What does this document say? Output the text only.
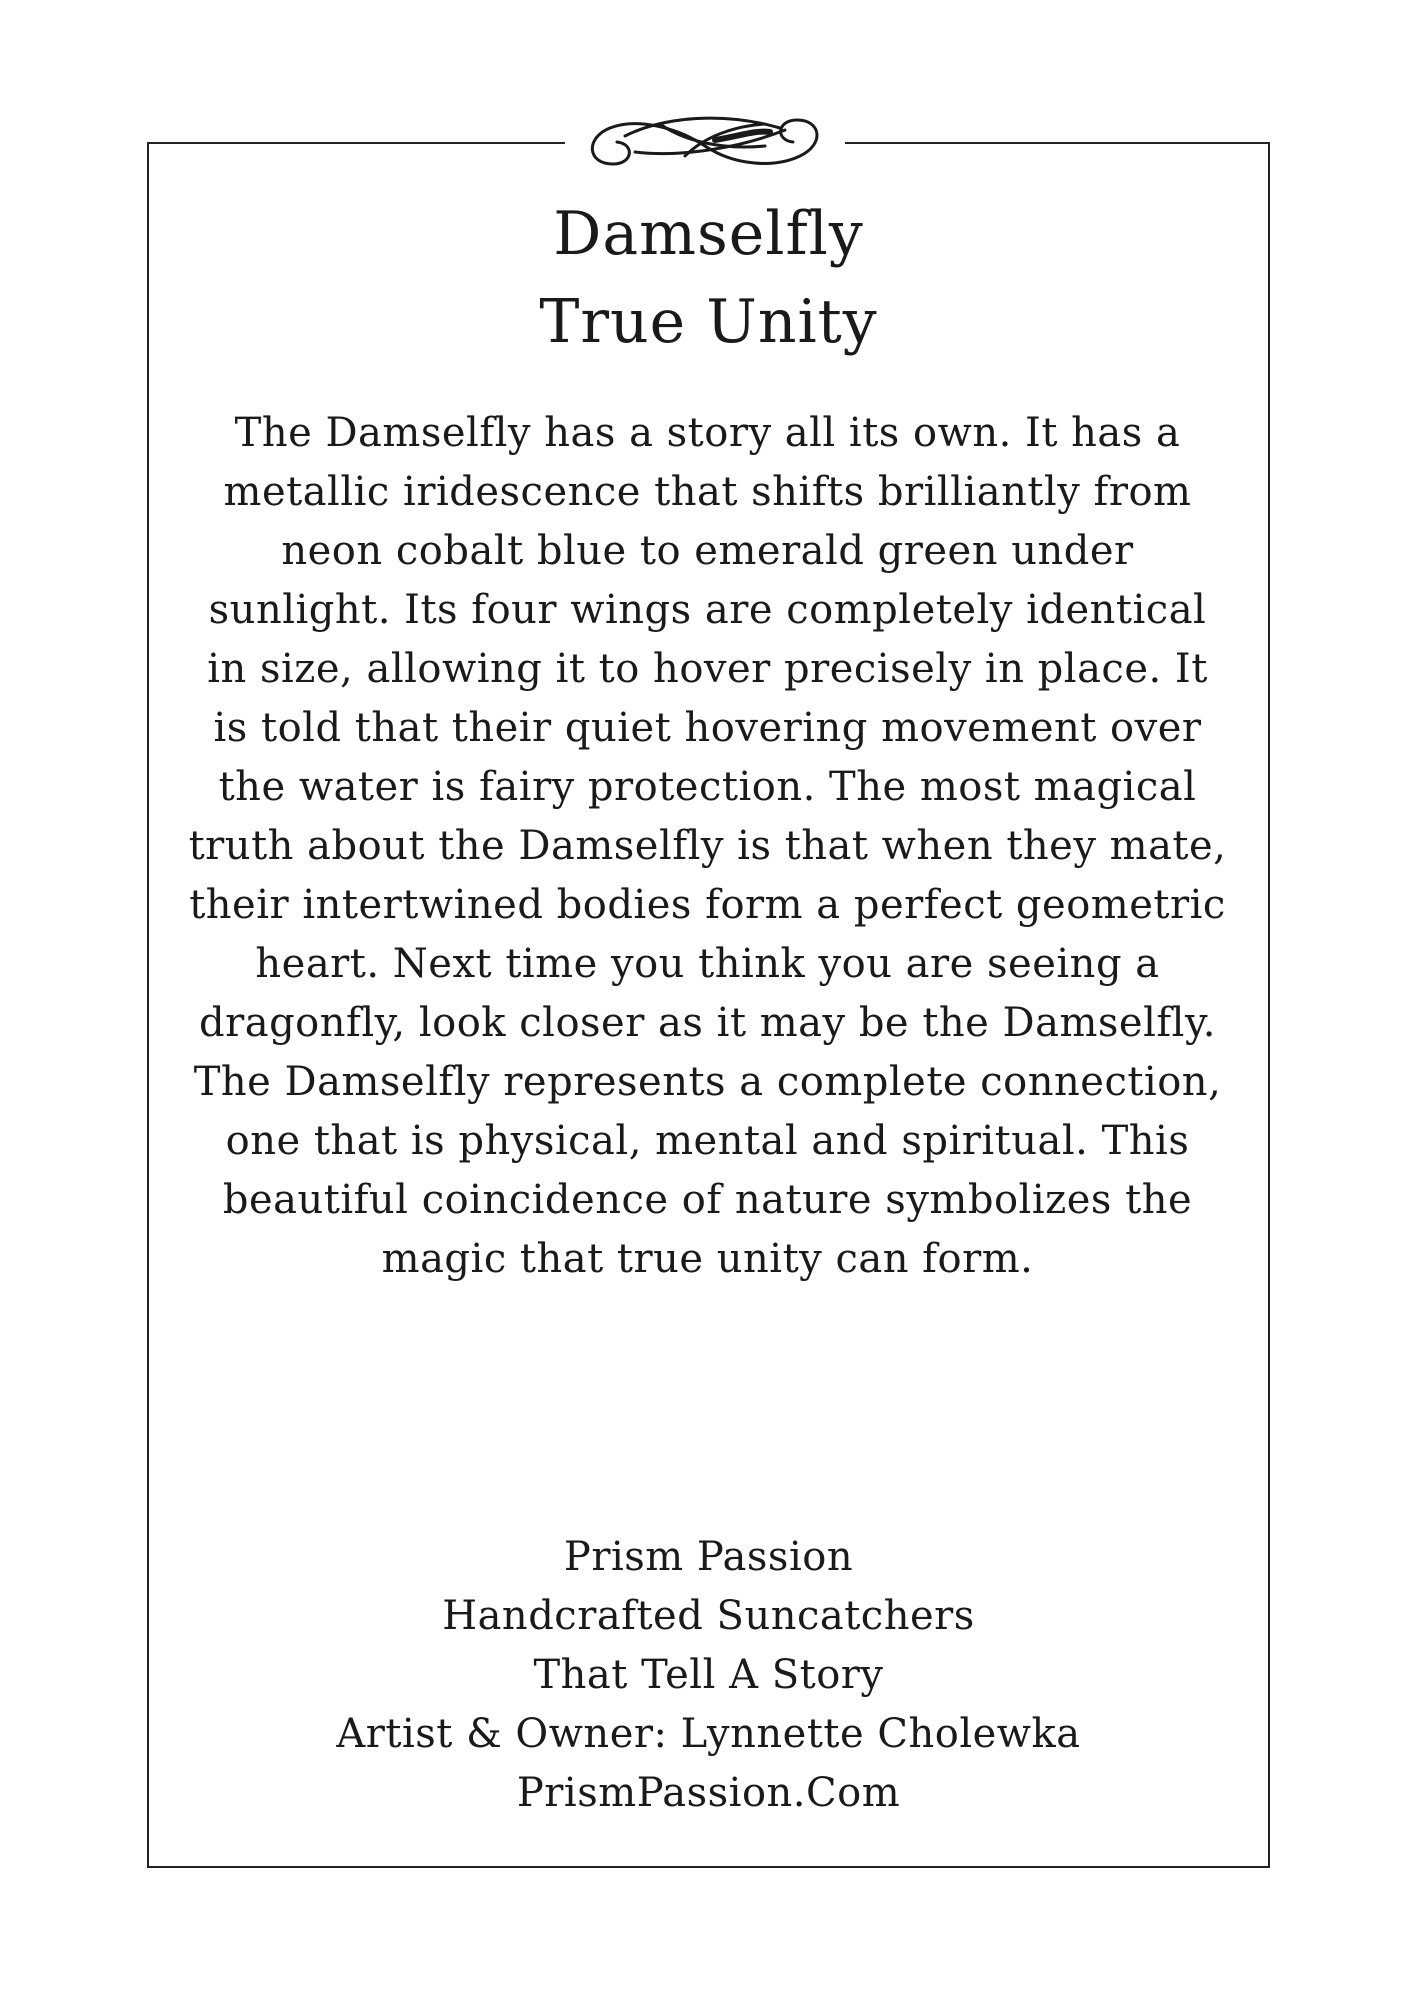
Damselfly
True Unity

The Damselfly has a story all its own. It has a metallic iridescence that shifts brilliantly from neon cobalt blue to emerald green under sunlight. Its four wings are completely identical in size, allowing it to hover precisely in place. It is told that their quiet hovering movement over the water is fairy protection. The most magical truth about the Damselfly is that when they mate, their intertwined bodies form a perfect geometric heart. Next time you think you are seeing a dragonfly, look closer as it may be the Damselfly.

The Damselfly represents a complete connection, one that is physical, mental and spiritual. This beautiful coincidence of nature symbolizes the magic that true unity can form.

Prism Passion
Handcrafted Suncatchers
That Tell A Story
Artist & Owner: Lynnette Cholewka
PrismPassion.Com
